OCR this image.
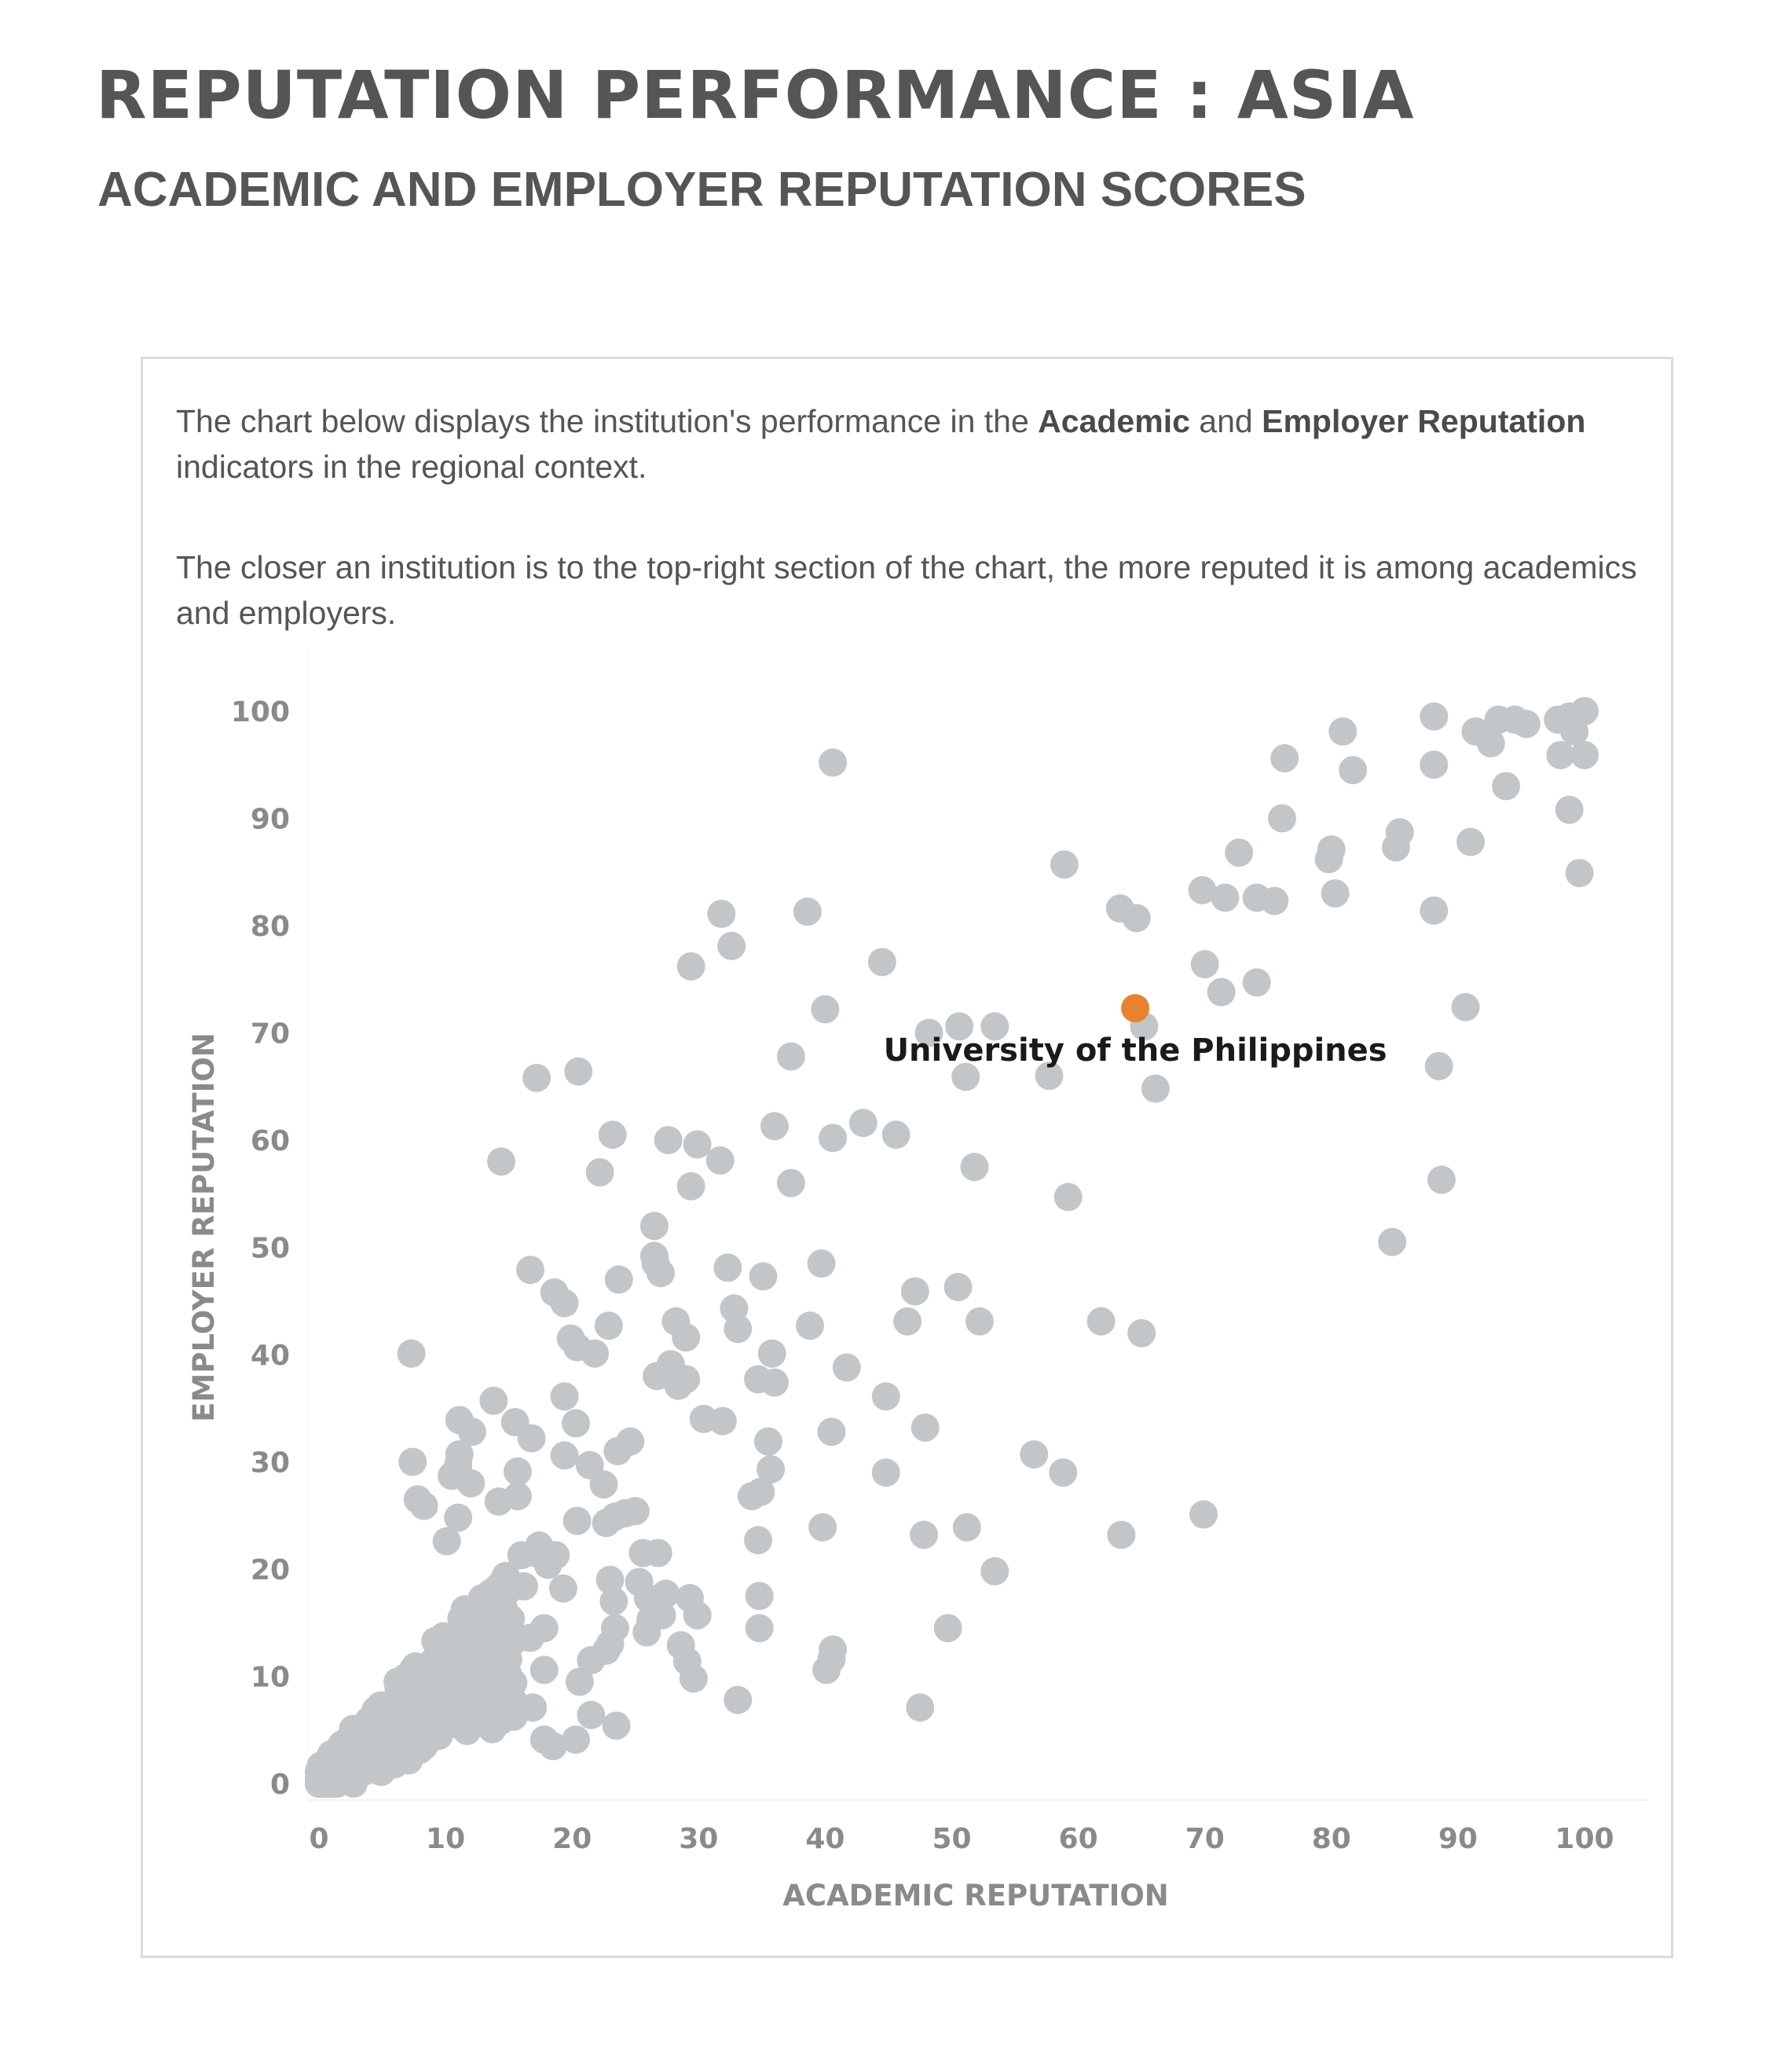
REPUTATION PERFORMANCE : ASIA
ACADEMIC AND EMPLOYER REPUTATION SCORES

The chart below displays the institution's performance in the Academic and Employer Reputation indicators in the regional context.

The closer an institution is to the top-right section of the chart, the more reputed it is among academics and employers.

0
10
20
30
40
50
60
70
80
90
100
0	10	20	30	40	50	60	70	80	90	100
University of the Philippines
ACADEMIC REPUTATION
EMPLOYER REPUTATION
